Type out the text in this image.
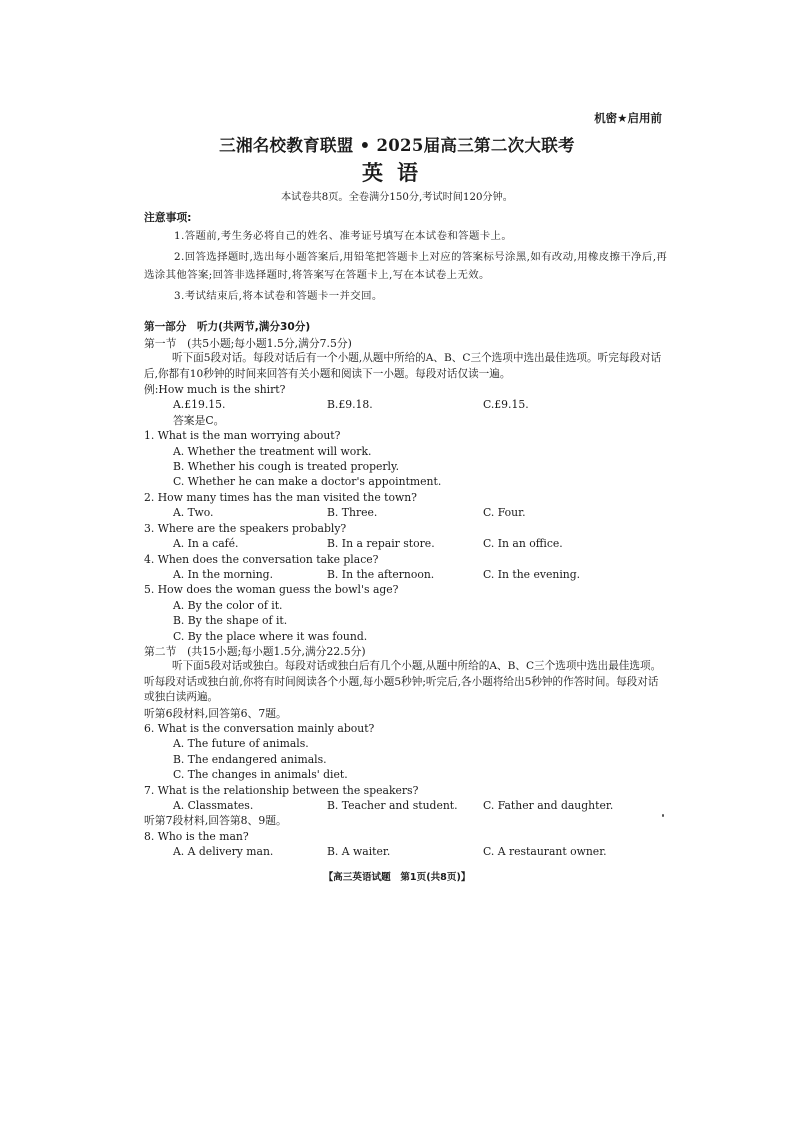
机密★启用前
三湘名校教育联盟 • 2025届高三第二次大联考
英语
本试卷共8页。全卷满分150分,考试时间120分钟。
注意事项:
1.答题前,考生务必将自己的姓名、准考证号填写在本试卷和答题卡上。
2.回答选择题时,选出每小题答案后,用铅笔把答题卡上对应的答案标号涂黑,如有改动,用橡皮擦干净后,再选涂其他答案;回答非选择题时,将答案写在答题卡上,写在本试卷上无效。
3.考试结束后,将本试卷和答题卡一并交回。
第一部分　听力(共两节,满分30分)
第一节　(共5小题;每小题1.5分,满分7.5分)
听下面5段对话。每段对话后有一个小题,从题中所给的A、B、C三个选项中选出最佳选项。听完每段对话后,你都有10秒钟的时间来回答有关小题和阅读下一小题。每段对话仅读一遍。
例:How much is the shirt?
A.£19.15.	B.£9.18.	C.£9.15.
答案是C。
1. What is the man worrying about?
A. Whether the treatment will work.
B. Whether his cough is treated properly.
C. Whether he can make a doctor's appointment.
2. How many times has the man visited the town?
A. Two.	B. Three.	C. Four.
3. Where are the speakers probably?
A. In a café.	B. In a repair store.	C. In an office.
4. When does the conversation take place?
A. In the morning.	B. In the afternoon.	C. In the evening.
5. How does the woman guess the bowl's age?
A. By the color of it.
B. By the shape of it.
C. By the place where it was found.
第二节　(共15小题;每小题1.5分,满分22.5分)
听下面5段对话或独白。每段对话或独白后有几个小题,从题中所给的A、B、C三个选项中选出最佳选项。听每段对话或独白前,你将有时间阅读各个小题,每小题5秒钟;听完后,各小题将给出5秒钟的作答时间。每段对话或独白读两遍。
听第6段材料,回答第6、7题。
6. What is the conversation mainly about?
A. The future of animals.
B. The endangered animals.
C. The changes in animals' diet.
7. What is the relationship between the speakers?
A. Classmates.	B. Teacher and student.	C. Father and daughter.
听第7段材料,回答第8、9题。
8. Who is the man?
A. A delivery man.	B. A waiter.	C. A restaurant owner.
【高三英语试题　第1页(共8页)】
